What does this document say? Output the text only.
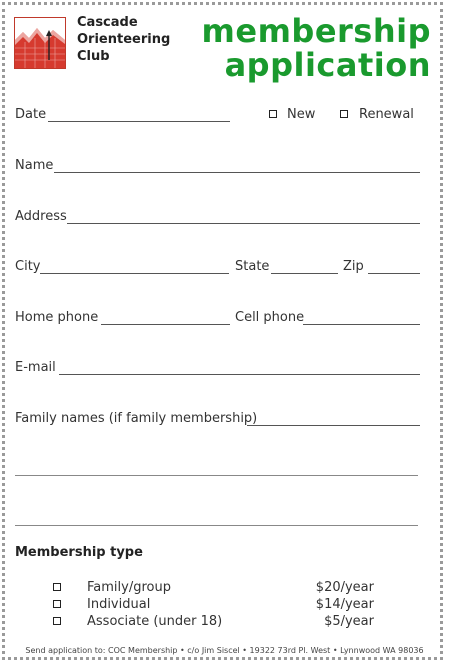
Cascade
Orienteering
Club
membership
application
Date	New	Renewal
Name
Address
City	State	Zip
Home phone	Cell phone
E-mail
Family names (if family membership)
Membership type
Family/group	$20/year
Individual	$14/year
Associate (under 18)	$5/year
Send application to: COC Membership • c/o Jim Siscel • 19322 73rd Pl. West • Lynnwood WA 98036
